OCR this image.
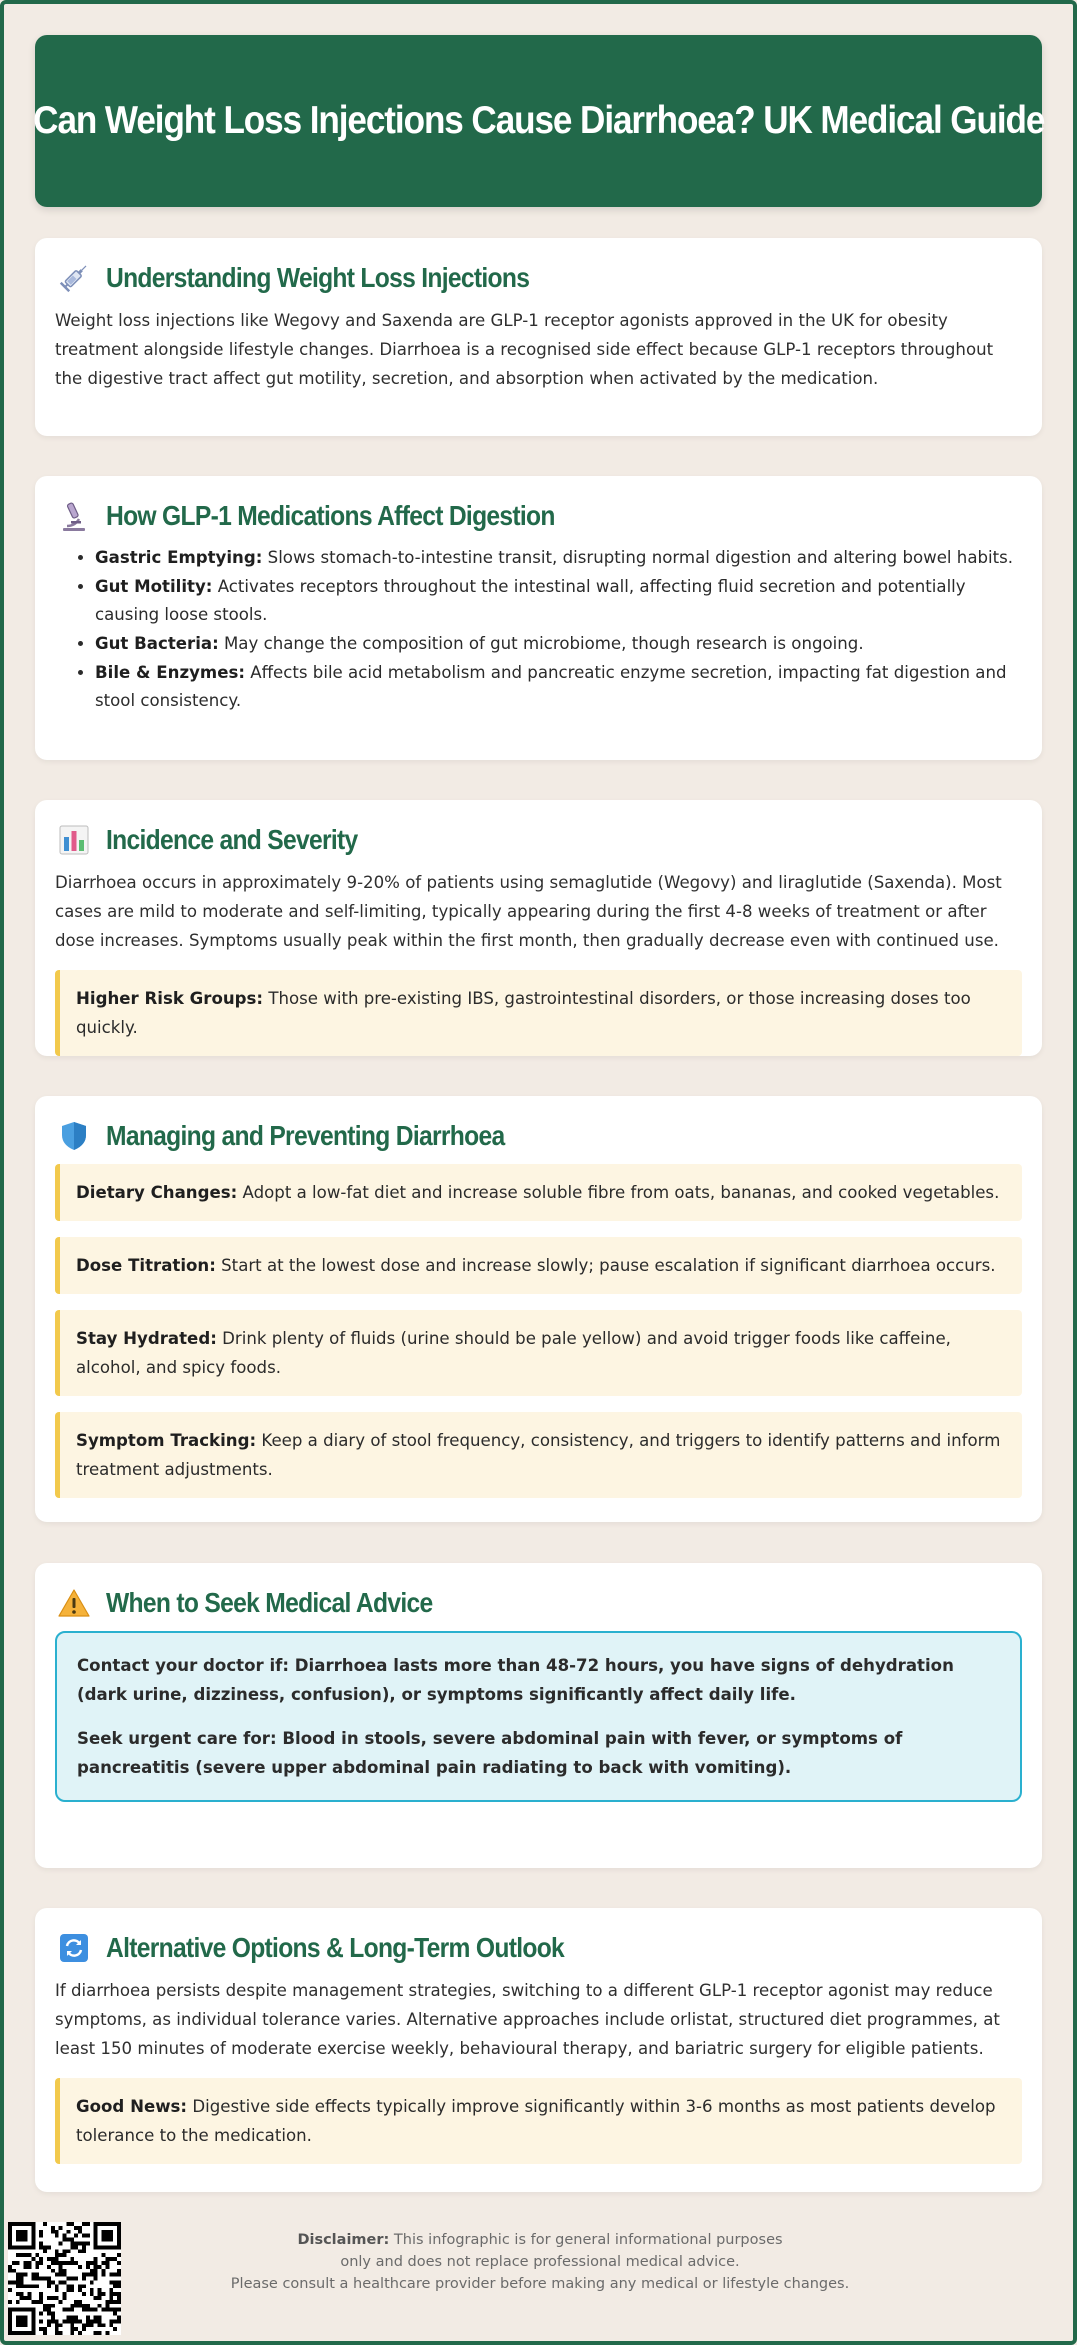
Can Weight Loss Injections Cause Diarrhoea? UK Medical Guide
Understanding Weight Loss Injections

Weight loss injections like Wegovy and Saxenda are GLP-1 receptor agonists approved in the UK for obesity treatment alongside lifestyle changes. Diarrhoea is a recognised side effect because GLP-1 receptors throughout the digestive tract affect gut motility, secretion, and absorption when activated by the medication.

How GLP-1 Medications Affect Digestion
• Gastric Emptying: Slows stomach-to-intestine transit, disrupting normal digestion and altering bowel habits.
• Gut Motility: Activates receptors throughout the intestinal wall, affecting fluid secretion and potentially causing loose stools.
• Gut Bacteria: May change the composition of gut microbiome, though research is ongoing.
• Bile & Enzymes: Affects bile acid metabolism and pancreatic enzyme secretion, impacting fat digestion and stool consistency.
Incidence and Severity

Diarrhoea occurs in approximately 9-20% of patients using semaglutide (Wegovy) and liraglutide (Saxenda). Most cases are mild to moderate and self-limiting, typically appearing during the first 4-8 weeks of treatment or after dose increases. Symptoms usually peak within the first month, then gradually decrease even with continued use.

Higher Risk Groups: Those with pre-existing IBS, gastrointestinal disorders, or those increasing doses too quickly.
Managing and Preventing Diarrhoea
Dietary Changes: Adopt a low-fat diet and increase soluble fibre from oats, bananas, and cooked vegetables.
Dose Titration: Start at the lowest dose and increase slowly; pause escalation if significant diarrhoea occurs.
Stay Hydrated: Drink plenty of fluids (urine should be pale yellow) and avoid trigger foods like caffeine, alcohol, and spicy foods.
Symptom Tracking: Keep a diary of stool frequency, consistency, and triggers to identify patterns and inform treatment adjustments.
When to Seek Medical Advice

Contact your doctor if: Diarrhoea lasts more than 48-72 hours, you have signs of dehydration (dark urine, dizziness, confusion), or symptoms significantly affect daily life.

Seek urgent care for: Blood in stools, severe abdominal pain with fever, or symptoms of pancreatitis (severe upper abdominal pain radiating to back with vomiting).

Alternative Options & Long-Term Outlook

If diarrhoea persists despite management strategies, switching to a different GLP-1 receptor agonist may reduce symptoms, as individual tolerance varies. Alternative approaches include orlistat, structured diet programmes, at least 150 minutes of moderate exercise weekly, behavioural therapy, and bariatric surgery for eligible patients.

Good News: Digestive side effects typically improve significantly within 3-6 months as most patients develop tolerance to the medication.
Disclaimer: This infographic is for general informational purposes
only and does not replace professional medical advice.
Please consult a healthcare provider before making any medical or lifestyle changes.
